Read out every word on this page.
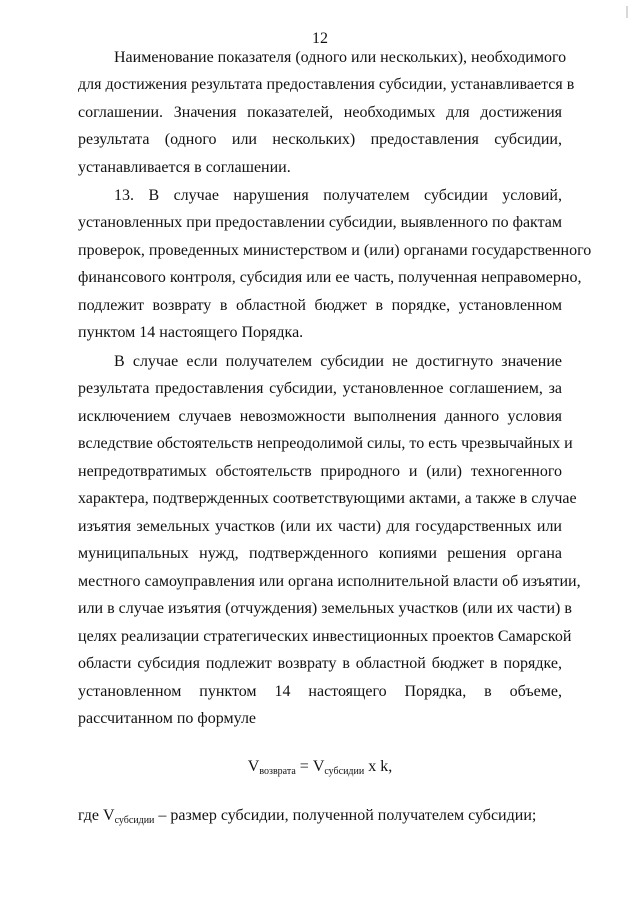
12
Наименование показателя (одного или нескольких), необходимого
для достижения результата предоставления субсидии, устанавливается в
соглашении. Значения показателей, необходимых для достижения
результата (одного или нескольких) предоставления субсидии,
устанавливается в соглашении.
13. В случае нарушения получателем субсидии условий,
установленных при предоставлении субсидии, выявленного по фактам
проверок, проведенных министерством и (или) органами государственного
финансового контроля, субсидия или ее часть, полученная неправомерно,
подлежит возврату в областной бюджет в порядке, установленном
пунктом 14 настоящего Порядка.
В случае если получателем субсидии не достигнуто значение
результата предоставления субсидии, установленное соглашением, за
исключением случаев невозможности выполнения данного условия
вследствие обстоятельств непреодолимой силы, то есть чрезвычайных и
непредотвратимых обстоятельств природного и (или) техногенного
характера, подтвержденных соответствующими актами, а также в случае
изъятия земельных участков (или их части) для государственных или
муниципальных нужд, подтвержденного копиями решения органа
местного самоуправления или органа исполнительной власти об изъятии,
или в случае изъятия (отчуждения) земельных участков (или их части) в
целях реализации стратегических инвестиционных проектов Самарской
области субсидия подлежит возврату в областной бюджет в порядке,
установленном пунктом 14 настоящего Порядка, в объеме,
рассчитанном по формуле
$V_{возврата} = V_{субсидии}$ x k,
где $V_{субсидии}$ – размер субсидии, полученной получателем субсидии;
